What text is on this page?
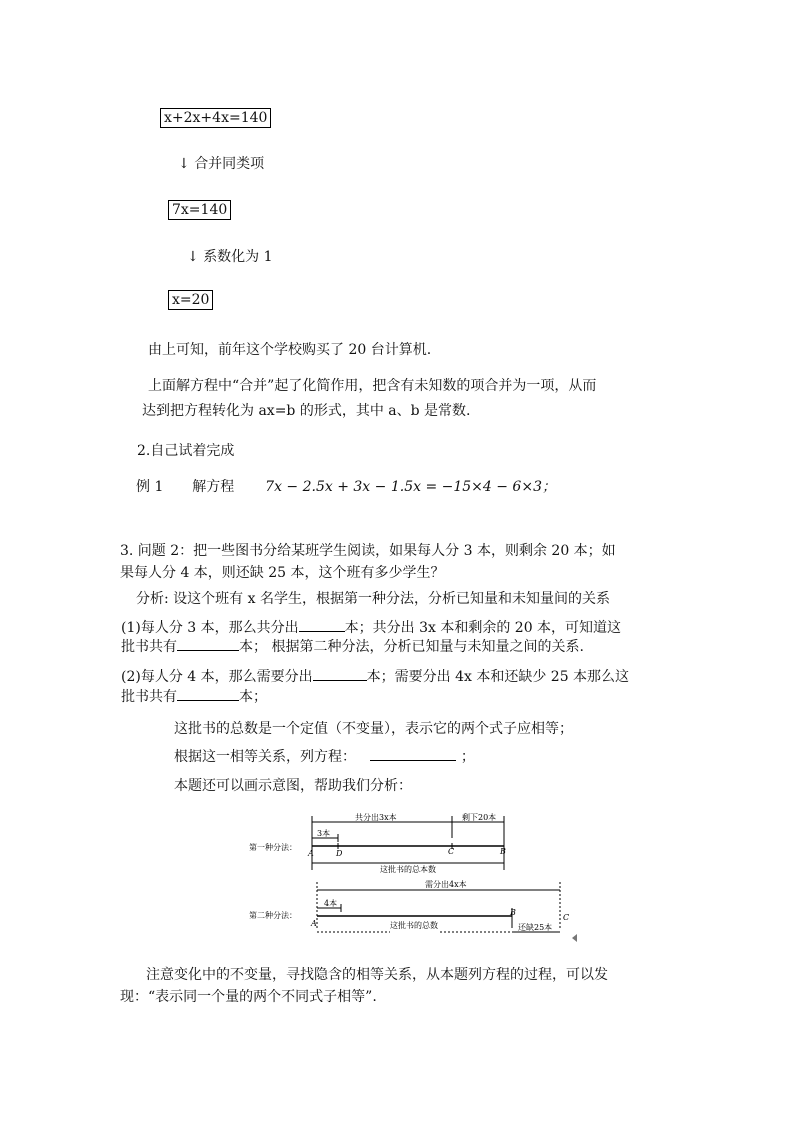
x+2x+4x=140
↓ 合并同类项
7x=140
↓ 系数化为 1
x=20
由上可知，前年这个学校购买了 20 台计算机.
上面解方程中“合并”起了化简作用，把含有未知数的项合并为一项，从而
达到把方程转化为 ax=b 的形式，其中 a、b 是常数.
2.自己试着完成
例 1 解方程 7x − 2.5x + 3x − 1.5x = −15×4 − 6×3；
3. 问题 2：把一些图书分给某班学生阅读，如果每人分 3 本，则剩余 20 本；如
果每人分 4 本，则还缺 25 本，这个班有多少学生？
分析: 设这个班有 x 名学生，根据第一种分法，分析已知量和未知量间的关系
(1)每人分 3 本，那么共分出	本；共分出 3x 本和剩余的 20 本，可知道这
批书共有	本； 根据第二种分法，分析已知量与未知量之间的关系.
(2)每人分 4 本，那么需要分出	本；需要分出 4x 本和还缺少 25 本那么这
批书共有	本；
这批书的总数是一个定值（不变量），表示它的两个式子应相等；
根据这一相等关系，列方程：	；
本题还可以画示意图，帮助我们分析：
第一种分法：
共分出3x本	剩下20本
3本
A	D	C	B
这批书的总本数
第二种分法：
需分出4x本
4本
A
B
C
这批书的总数	还缺25本
注意变化中的不变量，寻找隐含的相等关系，从本题列方程的过程，可以发
现：“表示同一个量的两个不同式子相等”.
